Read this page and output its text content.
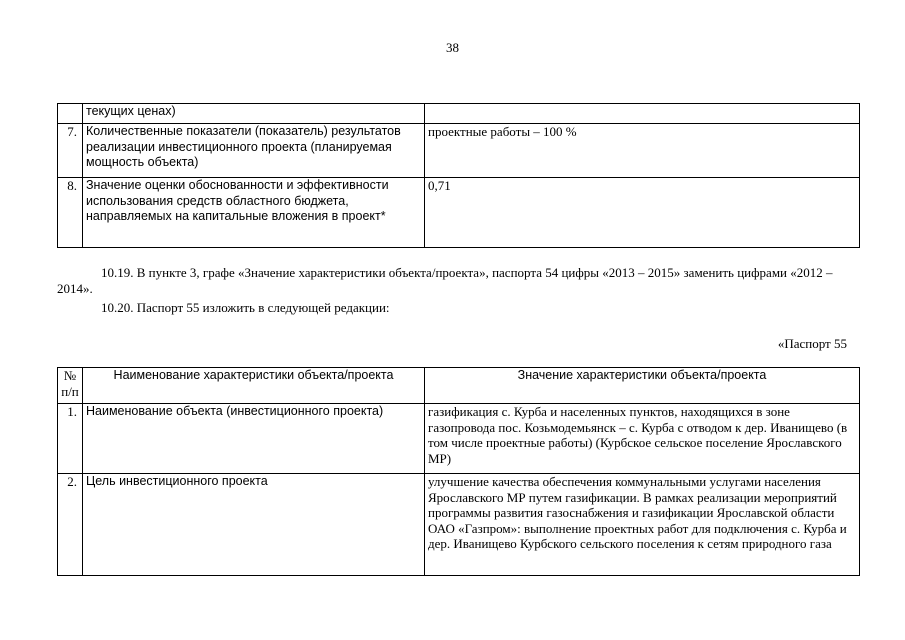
38
	текущих ценах)	
7.	Количественные показатели (показатель) результатов реализации инвестиционного проекта (планируемая мощность объекта)	проектные работы – 100 %
8.	Значение оценки обоснованности и эффективности использования средств областного бюджета, направляемых на капитальные вложения в проект*	0,71
10.19. В пункте 3, графе «Значение характеристики объекта/проекта», паспорта 54 цифры «2013 – 2015» заменить цифрами «2012 – 2014».
10.20. Паспорт 55 изложить в следующей редакции:
«Паспорт 55
№ п/п	Наименование характеристики объекта/проекта	Значение характеристики объекта/проекта
1.	Наименование объекта (инвестиционного проекта)	газификация с. Курба и населенных пунктов, находящихся в зоне газопровода пос. Козьмодемьянск – с. Курба с отводом к дер. Иванищево (в том числе проектные работы) (Курбское сельское поселение Ярославского МР)
2.	Цель инвестиционного проекта	улучшение качества обеспечения коммунальными услугами населения Ярославского МР путем газификации. В рамках реализации мероприятий программы развития газоснабжения и газификации Ярославской области ОАО «Газпром»: выполнение проектных работ для подключения с. Курба и дер. Иванищево Курбского сельского поселения к сетям природного газа
